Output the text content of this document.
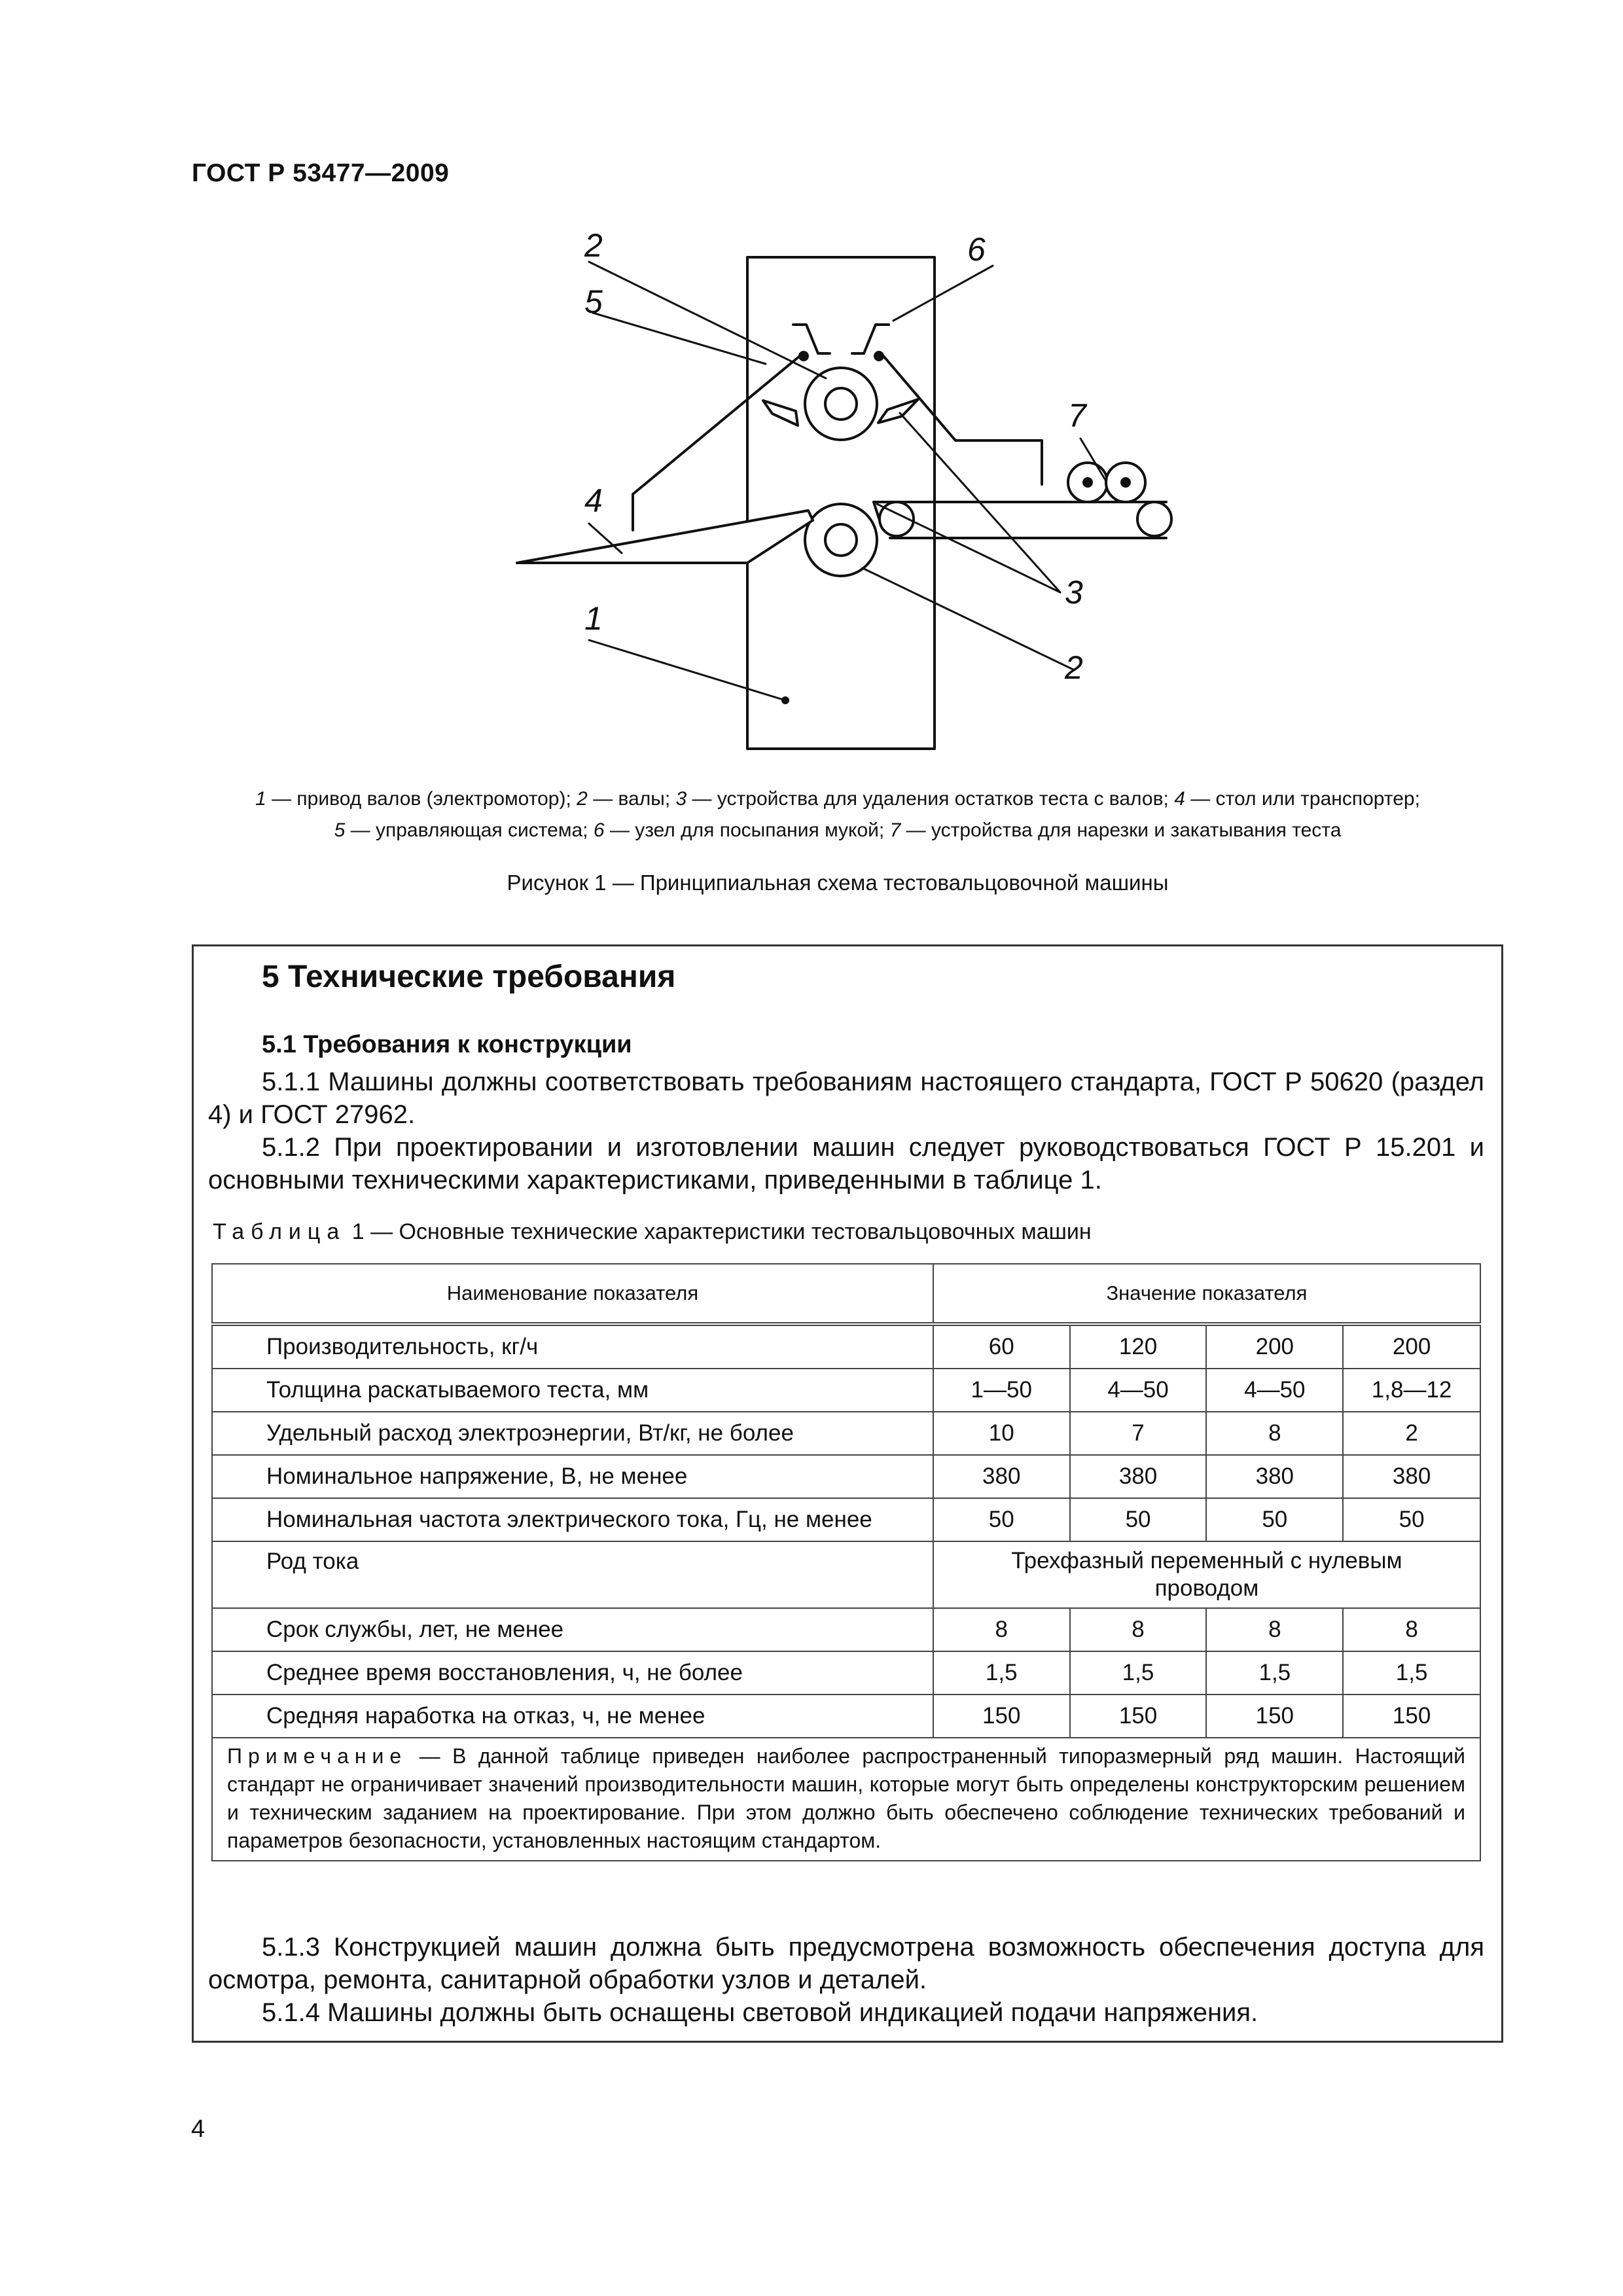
ГОСТ Р 53477—2009
2	6
5
7
4
3
1
2
1 — привод валов (электромотор); 2 — валы; 3 — устройства для удаления остатков теста с валов; 4 — стол или транспортер;
5 — управляющая система; 6 — узел для посыпания мукой; 7 — устройства для нарезки и закатывания теста
Рисунок 1 — Принципиальная схема тестовальцовочной машины
5 Технические требования
5.1 Требования к конструкции
5.1.1 Машины должны соответствовать требованиям настоящего стандарта, ГОСТ Р 50620 (раздел 4) и ГОСТ 27962.
5.1.2 При проектировании и изготовлении машин следует руководствоваться ГОСТ Р 15.201 и основными техническими характеристиками, приведенными в таблице 1.
Таблица 1 — Основные технические характеристики тестовальцовочных машин
Наименование показателя	Значение показателя			
Производительность, кг/ч	60	120	200	200
Толщина раскатываемого теста, мм	1—50	4—50	4—50	1,8—12
Удельный расход электроэнергии, Вт/кг, не более	10	7	8	2
Номинальное напряжение, В, не менее	380	380	380	380
Номинальная частота электрического тока, Гц, не менее	50	50	50	50
Род тока	Трехфазный переменный с нулевым проводом			
Срок службы, лет, не менее	8	8	8	8
Среднее время восстановления, ч, не более	1,5	1,5	1,5	1,5
Средняя наработка на отказ, ч, не менее	150	150	150	150
Примечание — В данной таблице приведен наиболее распространенный типоразмерный ряд машин. Настоящий стандарт не ограничивает значений производительности машин, которые могут быть определены конструкторским решением и техническим заданием на проектирование. При этом должно быть обеспечено соблюдение технических требований и параметров безопасности, установленных настоящим стандартом.				
5.1.3 Конструкцией машин должна быть предусмотрена возможность обеспечения доступа для осмотра, ремонта, санитарной обработки узлов и деталей.
5.1.4 Машины должны быть оснащены световой индикацией подачи напряжения.
4
